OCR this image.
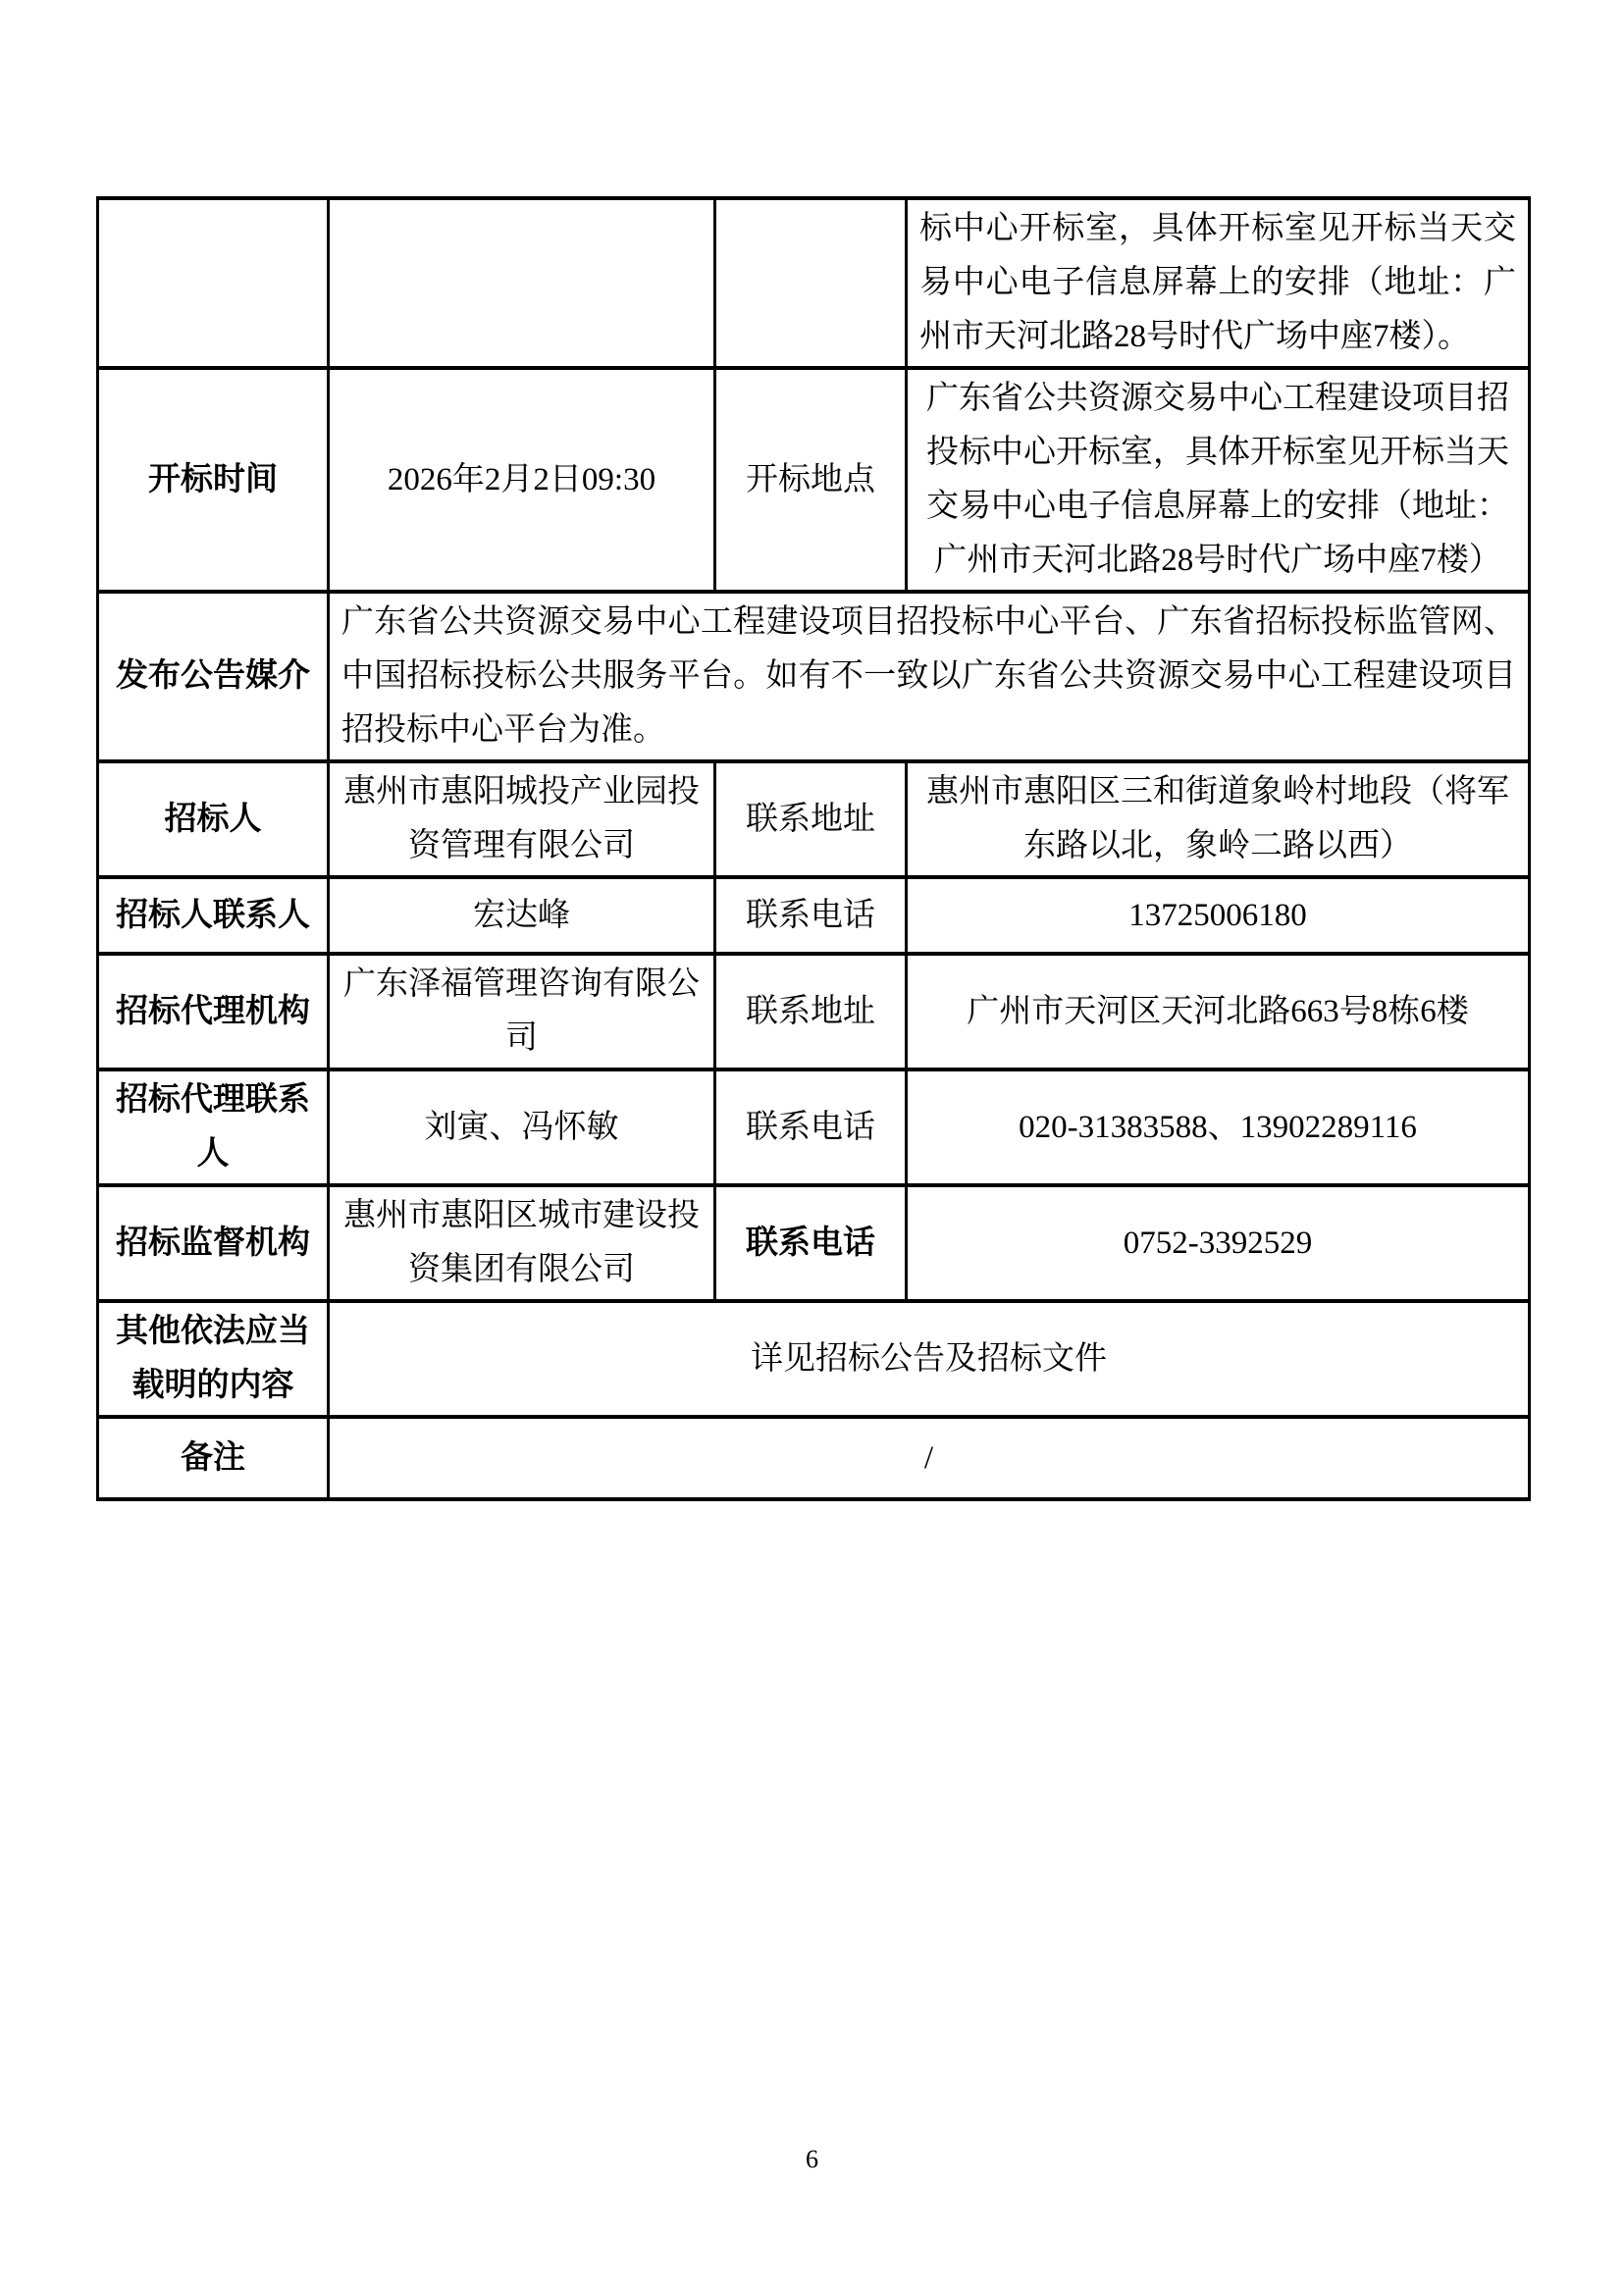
			标中心开标室，具体开标室见开标当天交易中心电子信息屏幕上的安排（地址：广州市天河北路28号时代广场中座7楼）。
开标时间	2026年2月2日09:30	开标地点	广东省公共资源交易中心工程建设项目招投标中心开标室，具体开标室见开标当天交易中心电子信息屏幕上的安排（地址：广州市天河北路28号时代广场中座7楼）
发布公告媒介	广东省公共资源交易中心工程建设项目招投标中心平台、广东省招标投标监管网、中国招标投标公共服务平台。如有不一致以广东省公共资源交易中心工程建设项目招投标中心平台为准。		
招标人	惠州市惠阳城投产业园投资管理有限公司	联系地址	惠州市惠阳区三和街道象岭村地段（将军东路以北，象岭二路以西）
招标人联系人	宏达峰	联系电话	13725006180
招标代理机构	广东泽福管理咨询有限公司	联系地址	广州市天河区天河北路663号8栋6楼
招标代理联系人	刘寅、冯怀敏	联系电话	020-31383588、13902289116
招标监督机构	惠州市惠阳区城市建设投资集团有限公司	联系电话	0752-3392529
其他依法应当载明的内容	详见招标公告及招标文件		
备注	/		
6
